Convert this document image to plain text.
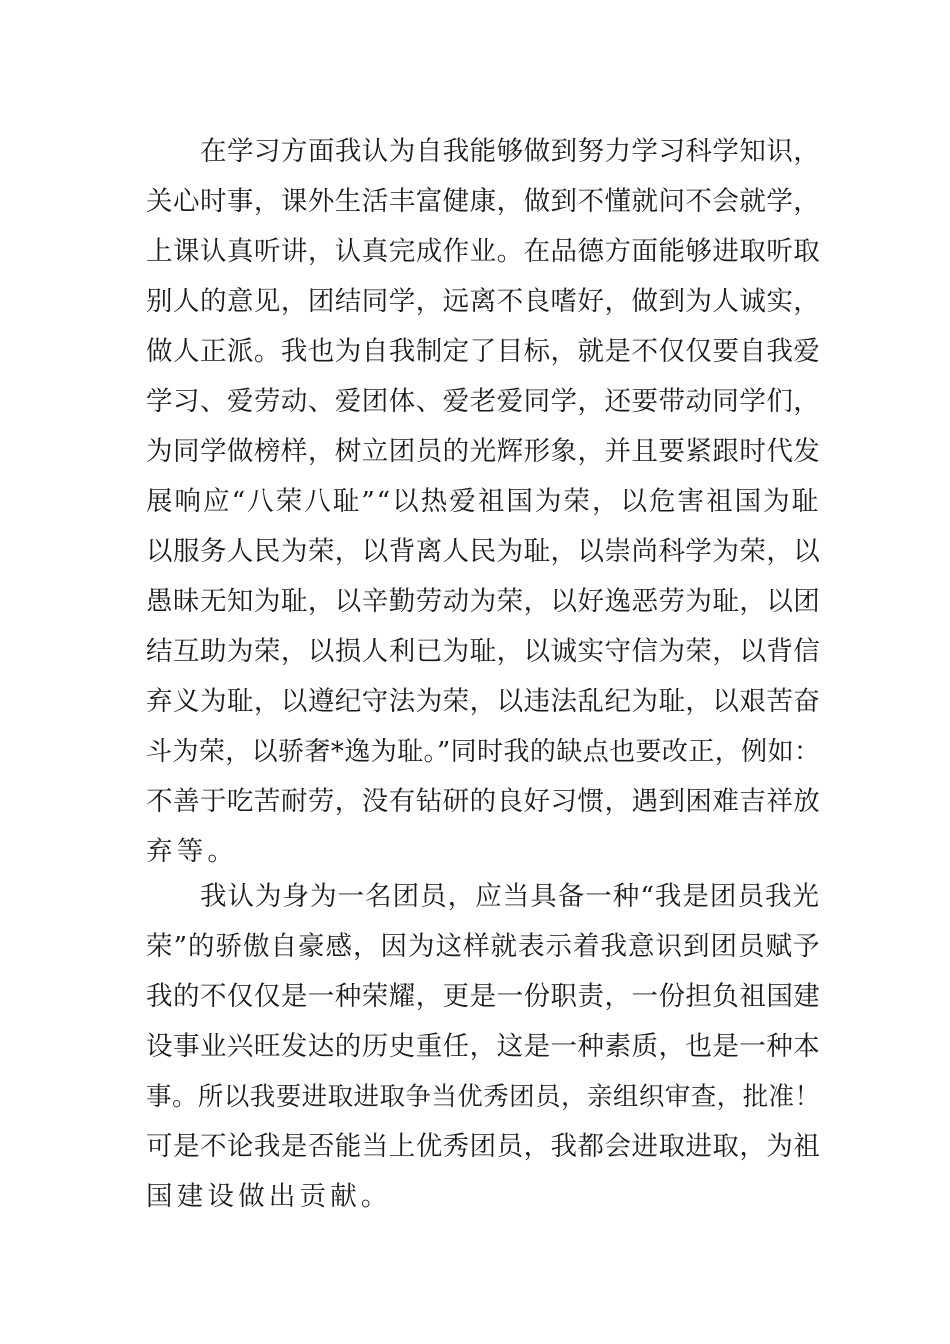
在学习方面我认为自我能够做到努力学习科学知识，
关心时事，课外生活丰富健康，做到不懂就问不会就学，
上课认真听讲，认真完成作业。在品德方面能够进取听取
别人的意见，团结同学，远离不良嗜好，做到为人诚实，
做人正派。我也为自我制定了目标，就是不仅仅要自我爱
学习、爱劳动、爱团体、爱老爱同学，还要带动同学们，
为同学做榜样，树立团员的光辉形象，并且要紧跟时代发
展响应“八荣八耻”“以热爱祖国为荣，以危害祖国为耻
以服务人民为荣，以背离人民为耻，以崇尚科学为荣，以
愚昧无知为耻，以辛勤劳动为荣，以好逸恶劳为耻，以团
结互助为荣，以损人利已为耻，以诚实守信为荣，以背信
弃义为耻，以遵纪守法为荣，以违法乱纪为耻，以艰苦奋
斗为荣，以骄奢*逸为耻。”同时我的缺点也要改正，例如：
不善于吃苦耐劳，没有钻研的良好习惯，遇到困难吉祥放
弃等。
我认为身为一名团员，应当具备一种“我是团员我光
荣”的骄傲自豪感，因为这样就表示着我意识到团员赋予
我的不仅仅是一种荣耀，更是一份职责，一份担负祖国建
设事业兴旺发达的历史重任，这是一种素质，也是一种本
事。所以我要进取进取争当优秀团员，亲组织审查，批准！
可是不论我是否能当上优秀团员，我都会进取进取，为祖
国建设做出贡献。
